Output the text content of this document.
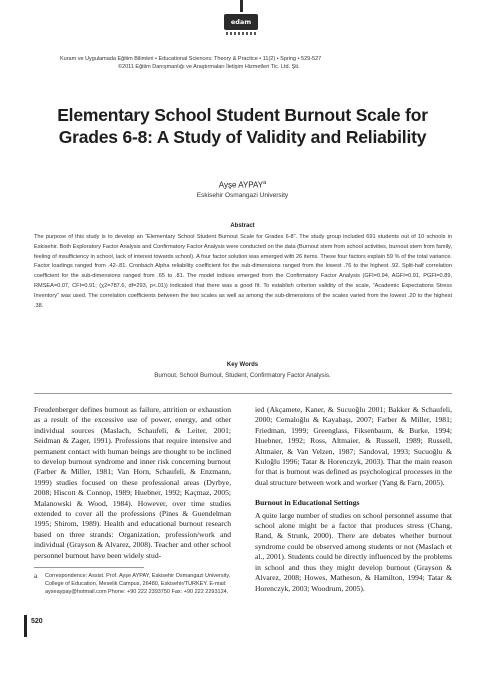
edam
Kuram ve Uygulamada Eğitim Bilimleri • Educational Sciences: Theory & Practice • 11(2) • Spring • 529-527
©2011 Eğitim Danışmanlığı ve Araştırmaları İletişim Hizmetleri Tic. Ltd. Şti.
Elementary School Student Burnout Scale for Grades 6-8: A Study of Validity and Reliability
Ayşe AYPAY$^a$
Eskisehir Osmangazi University
Abstract
The purpose of this study is to develop an “Elementary School Student Burnout Scale for Grades 6-8”. The study group included 691 students out of 10 schools in Eskisehir. Both Exploratory Factor Analysis and Confirmatory Factor Analysis were conducted on the data (Burnout stem from school activities, burnout stem from family, feeling of insufficiency in school, lack of interest towards school). A four factor solution was emerged with 26 items. These four factors explain 59 % of the total variance. Factor loadings ranged from .42-.81. Cronbach Alpha reliability coefficient for the sub-dimensions ranged from the lowest .76 to the highest .92. Split-half correlation coefficient for the sub-dimensions ranged from .65 to .81. The model indices emerged from the Confirmatory Factor Analysis (GFI=0.94, AGFI=0.91, PGFI=0.89, RMSEA=0.07, CFI=0.91; (χ2=787.6, df=293, p<.01)) indicated that there was a good fit. To establish criterion validity of the scale, “Academic Expectations Stress Inventory” was used. The correlation coefficients between the two scales as well as among the sub-dimensions of the scales varied from the lowest .20 to the highest .38.
Key Words
Burnout, School Burnout, Student, Confirmatory Factor Analysis.

Freudenberger defines burnout as failure, attrition or exhaustion as a result of the excessive use of power, energy, and other individual sources (Maslach, Schaufeli, & Leiter, 2001; Seidman & Zager, 1991). Professions that require intensive and permanent contact with human beings are thought to be inclined to develop burnout syndrome and inner risk concerning burnout (Farber & Miller, 1981; Van Horn, Schaufeli, & Enzmann, 1999) studies focused on these professional areas (Dyrbye, 2008; Hiscott & Connop, 1989; Huebner, 1992; Kaçmaz, 2005; Malanowski & Wood, 1984). However, over time studies extended to cover all the professions (Pines & Guendelman 1995; Shirom, 1989). Health and educational burnout research based on three strands: Organization, profession/work and individual (Grayson & Alvarez, 2008). Teacher and other school personnel burnout have been widely stud-

ied (Akçamete, Kaner, & Sucuoğlu 2001; Bakker & Schaufeli, 2000; Cemaloğlu & Kayabaşı, 2007; Farber & Miller, 1981; Friedman, 1999; Greenglass, Fiksenbaum, & Burke, 1994; Huebner, 1992; Ross, Altmaier, & Russell, 1989; Russell, Altmaier, & Van Velzen, 1987; Sandoval, 1993; Sucuoğlu & Kuloğlu 1996; Tatar & Horenczyk, 2003). That the main reason for that is burnout was defined as psychological processes in the dual structure between work and worker (Yang & Farn, 2005).

Burnout in Educational Settings

A quite large number of studies on school personnel assume that school alone might be a factor that produces stress (Chang, Rand, & Strunk, 2000). There are debates whether burnout syndrome could be observed among students or not (Maslach et al., 2001). Students could be directly influenced by the problems in school and thus they might develop burnout (Grayson & Alvarez, 2008; Howes, Matheson, & Hamilton, 1994; Tatar & Horenczyk, 2003; Woodrum, 2005).

a Correspondence: Assist. Prof. Ayşe AYPAY, Eskisehir Osmangazi University, College of Education, Meselik Campus, 26480, Eskisehir/TURKEY. E-mail: ayseaypay@hotmail.com Phone: +90 222 2393750 Fax: +90 222 2293124.
520
